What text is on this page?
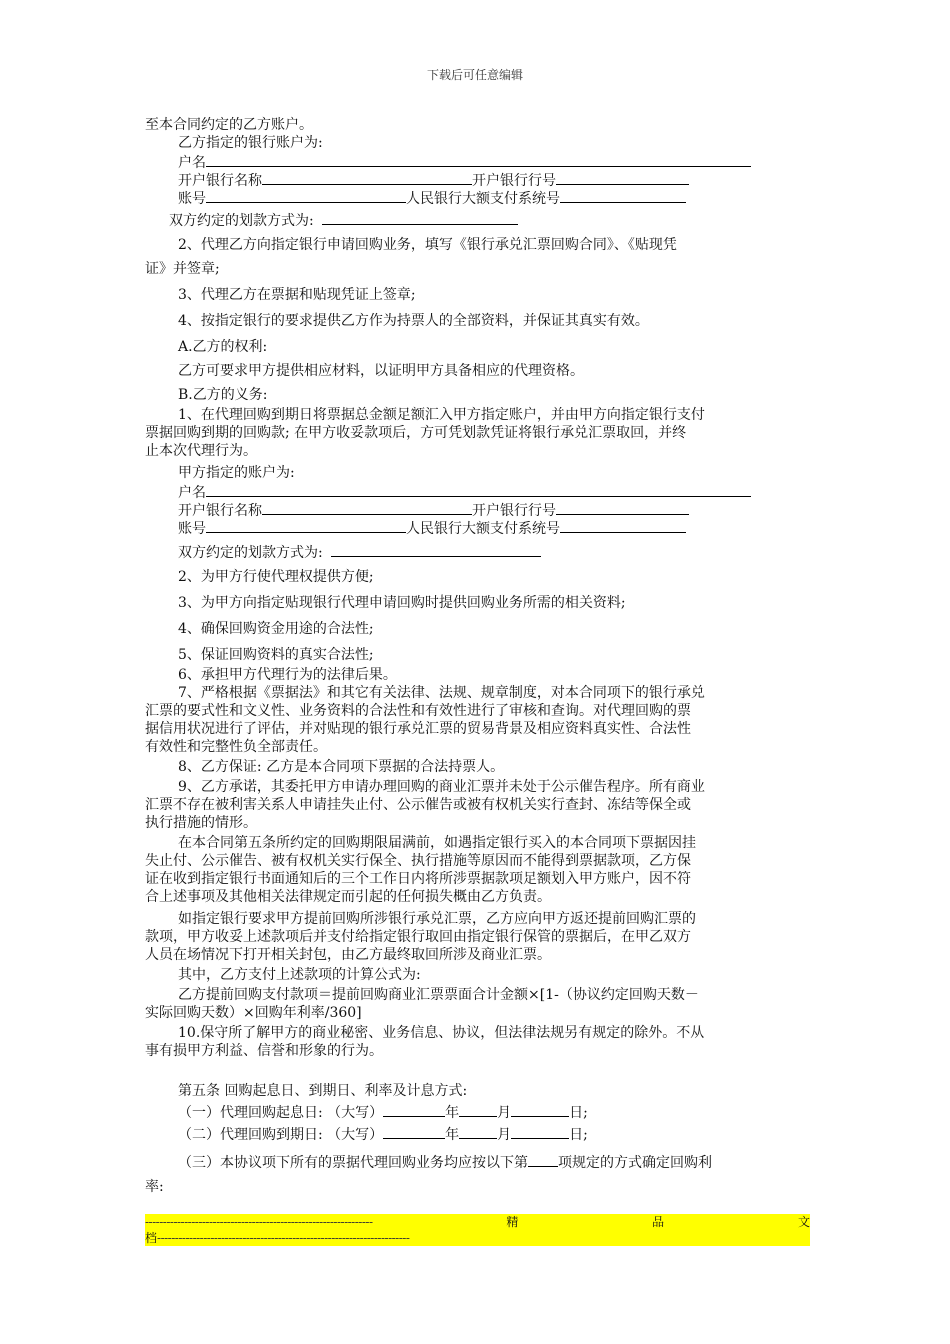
下载后可任意编辑
至本合同约定的乙方账户。
乙方指定的银行账户为:
户名
开户银行名称	开户银行行号
账号	人民银行大额支付系统号
双方约定的划款方式为:
2、代理乙方向指定银行申请回购业务，填写《银行承兑汇票回购合同》、《贴现凭
证》并签章;
3、代理乙方在票据和贴现凭证上签章;
4、按指定银行的要求提供乙方作为持票人的全部资料，并保证其真实有效。
A.乙方的权利:
乙方可要求甲方提供相应材料，以证明甲方具备相应的代理资格。
B.乙方的义务:
1、在代理回购到期日将票据总金额足额汇入甲方指定账户，并由甲方向指定银行支付
票据回购到期的回购款; 在甲方收妥款项后，方可凭划款凭证将银行承兑汇票取回，并终
止本次代理行为。
甲方指定的账户为:
户名
开户银行名称	开户银行行号
账号	人民银行大额支付系统号
双方约定的划款方式为:
2、为甲方行使代理权提供方便;
3、为甲方向指定贴现银行代理申请回购时提供回购业务所需的相关资料;
4、确保回购资金用途的合法性;
5、保证回购资料的真实合法性;
6、承担甲方代理行为的法律后果。
7、严格根据《票据法》和其它有关法律、法规、规章制度，对本合同项下的银行承兑
汇票的要式性和文义性、业务资料的合法性和有效性进行了审核和查询。对代理回购的票
据信用状况进行了评估，并对贴现的银行承兑汇票的贸易背景及相应资料真实性、合法性
有效性和完整性负全部责任。
8、乙方保证: 乙方是本合同项下票据的合法持票人。
9、乙方承诺，其委托甲方申请办理回购的商业汇票并未处于公示催告程序。所有商业
汇票不存在被利害关系人申请挂失止付、公示催告或被有权机关实行查封、冻结等保全或
执行措施的情形。
在本合同第五条所约定的回购期限届满前，如遇指定银行买入的本合同项下票据因挂
失止付、公示催告、被有权机关实行保全、执行措施等原因而不能得到票据款项，乙方保
证在收到指定银行书面通知后的三个工作日内将所涉票据款项足额划入甲方账户，因不符
合上述事项及其他相关法律规定而引起的任何损失概由乙方负责。
如指定银行要求甲方提前回购所涉银行承兑汇票，乙方应向甲方返还提前回购汇票的
款项，甲方收妥上述款项后并支付给指定银行取回由指定银行保管的票据后，在甲乙双方
人员在场情况下打开相关封包，由乙方最终取回所涉及商业汇票。
其中，乙方支付上述款项的计算公式为:
乙方提前回购支付款项＝提前回购商业汇票票面合计金额×[1-（协议约定回购天数－
实际回购天数）×回购年利率/360]
10.保守所了解甲方的商业秘密、业务信息、协议，但法律法规另有规定的除外。不从
事有损甲方利益、信誉和形象的行为。
第五条 回购起息日、到期日、利率及计息方式:
（一）代理回购起息日: （大写）	年	月	日;
（二）代理回购到期日: （大写）	年	月	日;
（三）本协议项下所有的票据代理回购业务均应按以下第 项规定的方式确定回购利
率:
----------------------------------------------------------------	精	品	文
档-----------------------------------------------------------------------
